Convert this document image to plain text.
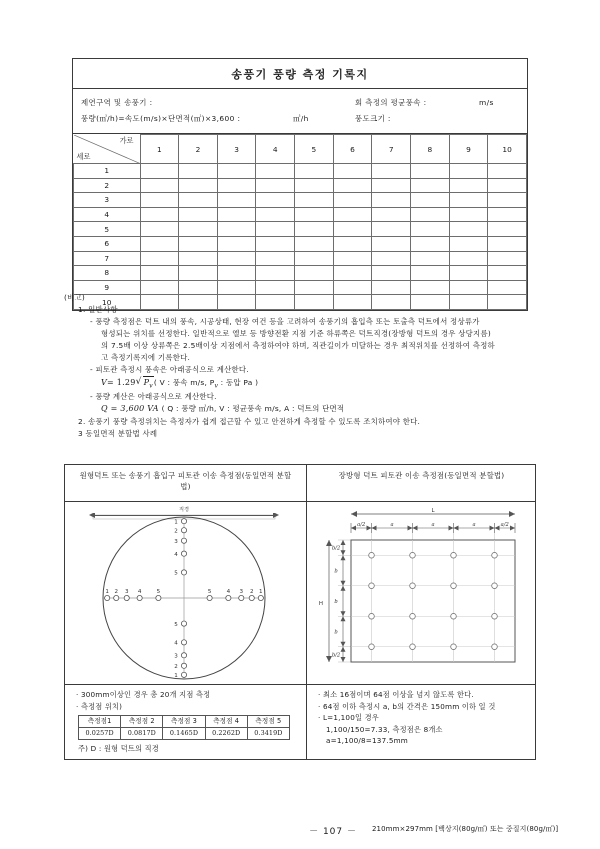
송풍기 풍량 측정 기록지
제연구역 및 송풍기 :	회 측정의 평균풍속 :	m/s
풍량(㎥/h)=속도(m/s)×단면적(㎡)×3,600 :	㎥/h	풍도크기 :
가로
세로	1	2	3	4	5	6	7	8	9	10
1										
2										
3										
4										
5										
6										
7										
8										
9										
10										
(비고)
1. 일반사항
- 풍량 측정점은 덕트 내의 풍속, 시공상태, 현장 여건 등을 고려하여 송풍기의 흡입측 또는 토출측 덕트에서 정상류가
형성되는 위치를 선정한다. 일반적으로 엘보 등 방향전환 지점 기준 하류쪽은 덕트직경(장방형 덕트의 경우 상당지름)
의 7.5배 이상 상류쪽은 2.5배이상 지점에서 측정하여야 하며, 직관길이가 미달하는 경우 최적위치를 선정하여 측정하
고 측정기록지에 기록한다.
- 피토관 측정시 풍속은 아래공식으로 계산한다.
V= 1.29 √ $P_v$( V : 풍속 m/s, $P_v$ : 동압 Pa )
- 풍량 계산은 아래공식으로 계산한다.
Q = 3,600 VA ( Q : 풍량 ㎥/h, V : 평균풍속 m/s, A : 덕트의 단면적
2. 송풍기 풍량 측정위치는 측정자가 쉽게 접근할 수 있고 안전하게 측정할 수 있도록 조치하여야 한다.
3 동일면적 분할법 사례
원형덕트 또는 송풍기 흡입구 피토관 이송 측정점(동일면적 분할법)
직경
1
2
3
4
5
1
2
3
4
5
1 2 3 4	5	1
2
3
4
5
· 300mm이상인 경우 총 20개 지점 측정
· 측정점 위치)
측정점1	측정점 2	측정점 3	측정점 4	측정점 5
0.0257D	0.0817D	0.1465D	0.2262D	0.3419D
주) D : 원형 덕트의 직경
장방형 덕트 피토관 이송 측정점(동일면적 분할법)
L
a/2	a	a	a	a/2
H
b/2
b
b
b
b/2
· 최소 16점이며 64점 이상을 넘지 않도록 한다.
· 64점 이하 측정시 a, b의 간격은 150mm 이하 일 것
· L=1,100일 경우
1,100/150=7.33, 측정점은 8개소
a=1,100/8=137.5mm
－ 107 － 210mm×297mm [백상지(80g/㎡) 또는 중질지(80g/㎡)]
